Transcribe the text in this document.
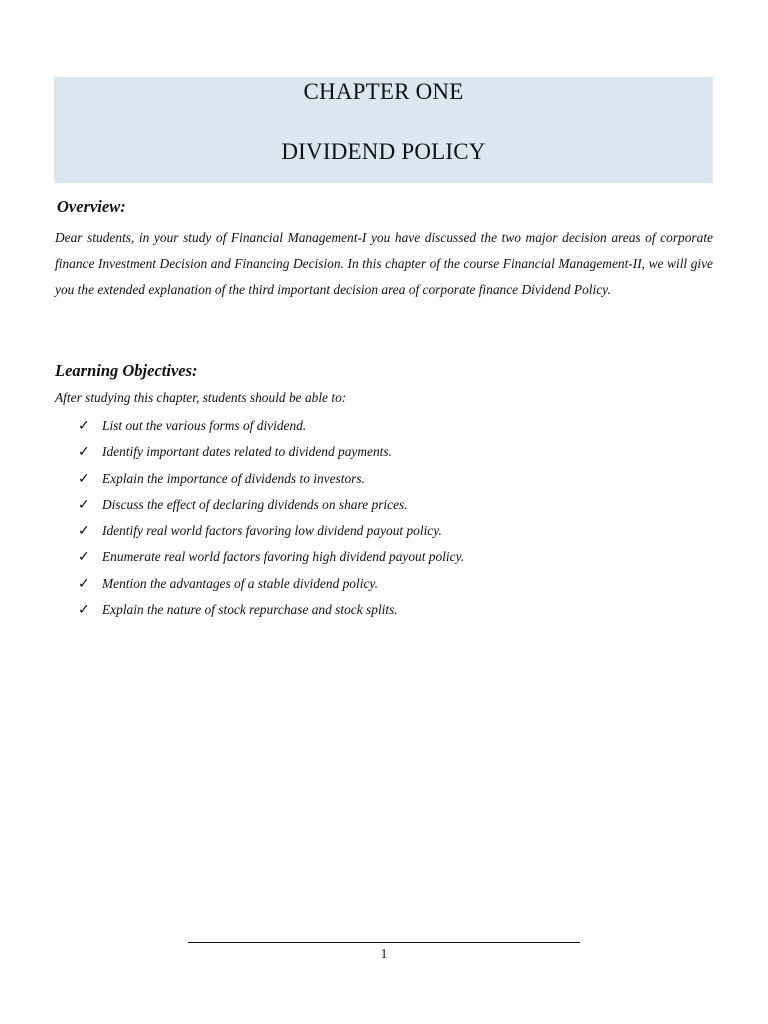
CHAPTER ONE
DIVIDEND POLICY
Overview:
Dear students, in your study of Financial Management-I you have discussed the two major decision areas of corporate finance Investment Decision and Financing Decision. In this chapter of the course Financial Management-II, we will give you the extended explanation of the third important decision area of corporate finance Dividend Policy.
Learning Objectives:
After studying this chapter, students should be able to:
✓ List out the various forms of dividend.
✓ Identify important dates related to dividend payments.
✓ Explain the importance of dividends to investors.
✓ Discuss the effect of declaring dividends on share prices.
✓ Identify real world factors favoring low dividend payout policy.
✓ Enumerate real world factors favoring high dividend payout policy.
✓ Mention the advantages of a stable dividend policy.
✓ Explain the nature of stock repurchase and stock splits.
1
